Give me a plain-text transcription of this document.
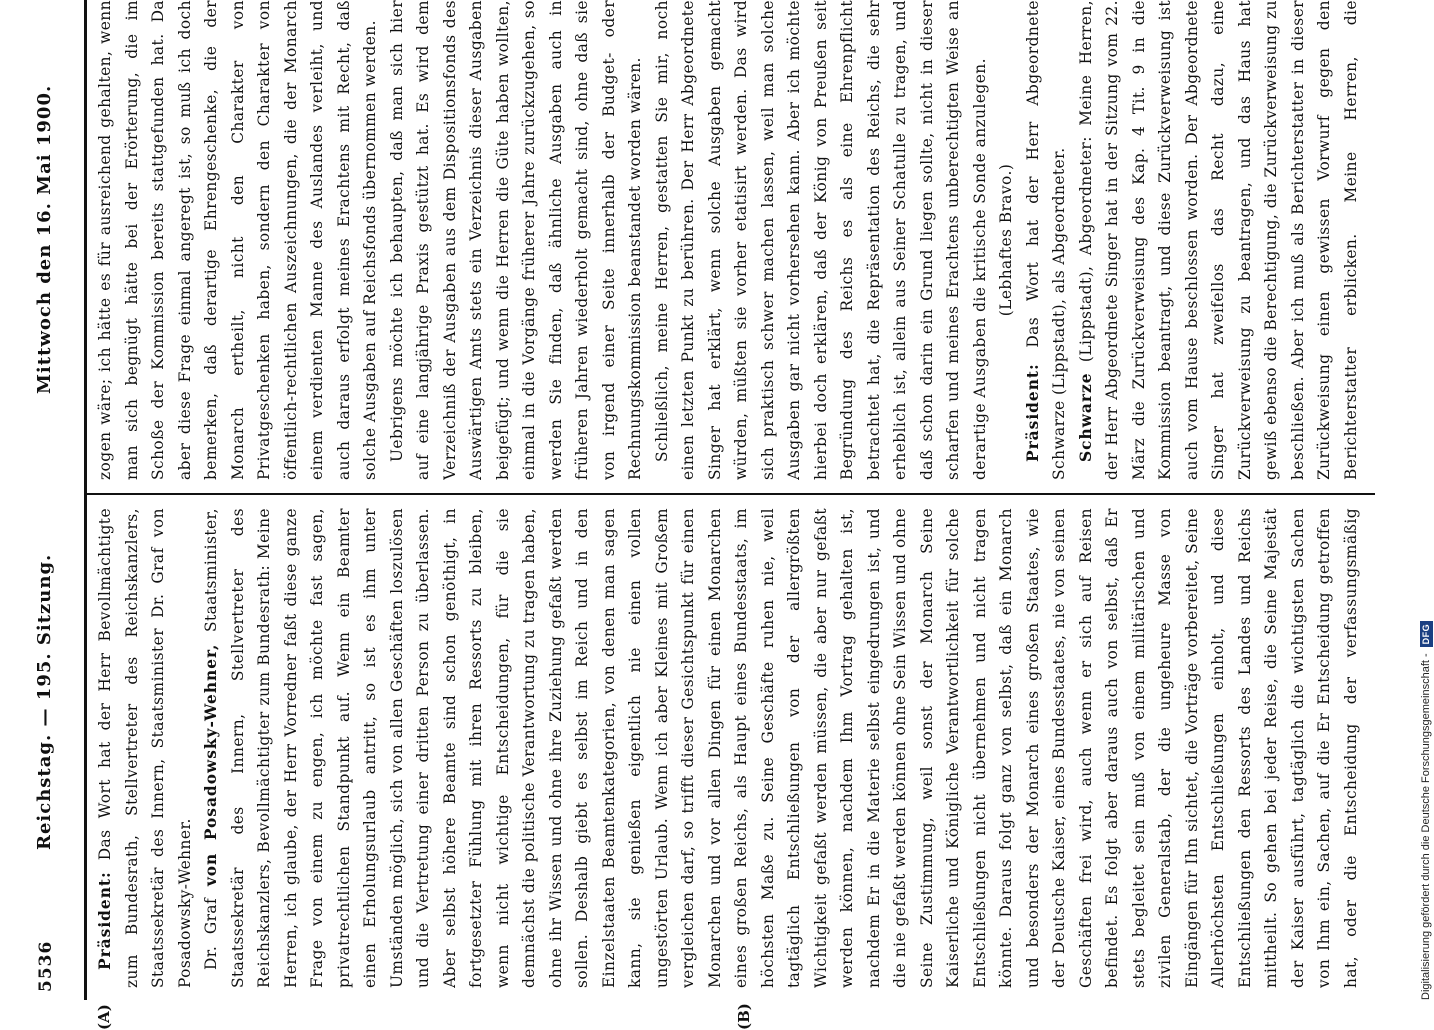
5536
Reichstag. — 195. Sitzung.
Mittwoch den 16. Mai 1900.
(A)	(B)

Präsident: Das Wort hat der Herr Bevollmächtigte zum Bundesrath, Stellvertreter des Reichskanzlers, Staatssekretär des Innern, Staatsminister Dr. Graf von Posadowsky-Wehner. Dr. Graf von Posadowsky-Wehner, Staatsminister, Staatssekretär des Innern, Stellvertreter des Reichskanzlers, Bevollmächtigter zum Bundesrath: Meine Herren, ich glaube, der Herr Vorredner faßt diese ganze Frage von einem zu engen, ich möchte fast sagen, privatrechtlichen Standpunkt auf. Wenn ein Beamter einen Erholungsurlaub antritt, so ist es ihm unter Umständen möglich, sich von allen Geschäften loszulösen und die Vertretung einer dritten Person zu überlassen. Aber selbst höhere Beamte sind schon genöthigt, in fortgesetzter Fühlung mit ihren Ressorts zu bleiben, wenn nicht wichtige Entscheidungen, für die sie demnächst die politische Verantwortung zu tragen haben, ohne ihr Wissen und ohne ihre Zuziehung gefaßt werden sollen. Deshalb giebt es selbst im Reich und in den Einzelstaaten Beamtenkategorien, von denen man sagen kann, sie genießen eigentlich nie einen vollen ungestörten Urlaub. Wenn ich aber Kleines mit Großem vergleichen darf, so trifft dieser Gesichtspunkt für einen Monarchen und vor allen Dingen für einen Monarchen eines großen Reichs, als Haupt eines Bundesstaats, im höchsten Maße zu. Seine Geschäfte ruhen nie, weil tagtäglich Entschließungen von der allergrößten Wichtigkeit gefaßt werden müssen, die aber nur gefaßt werden können, nachdem Ihm Vortrag gehalten ist, nachdem Er in die Materie selbst eingedrungen ist, und die nie gefaßt werden können ohne Sein Wissen und ohne Seine Zustimmung, weil sonst der Monarch Seine Kaiserliche und Königliche Verantwortlichkeit für solche Entschließungen nicht übernehmen und nicht tragen könnte. Daraus folgt ganz von selbst, daß ein Monarch und besonders der Monarch eines großen Staates, wie der Deutsche Kaiser, eines Bundesstaates, nie von seinen Geschäften frei wird, auch wenn er sich auf Reisen befindet. Es folgt aber daraus auch von selbst, daß Er stets begleitet sein muß von einem militärischen und zivilen Generalstab, der die ungeheure Masse von Eingängen für Ihn sichtet, die Vorträge vorbereitet, Seine Allerhöchsten Entschließungen einholt, und diese Entschließungen den Ressorts des Landes und Reichs mittheilt. So gehen bei jeder Reise, die Seine Majestät der Kaiser ausführt, tagtäglich die wichtigsten Sachen von Ihm ein, Sachen, auf die Er Entscheidung getroffen hat, oder die Entscheidung der verfassungsmäßig

zogen wäre; ich hätte es für ausreichend gehalten, wenn man sich begnügt hätte bei der Erörterung, die im Schoße der Kommission bereits stattgefunden hat. Da aber diese Frage einmal angeregt ist, so muß ich doch bemerken, daß derartige Ehrengeschenke, die der Monarch ertheilt, nicht den Charakter von Privatgeschenken haben, sondern den Charakter von öffentlich-rechtlichen Auszeichnungen, die der Monarch einem verdienten Manne des Auslandes verleiht, und auch daraus erfolgt meines Erachtens mit Recht, daß solche Ausgaben auf Reichsfonds übernommen werden. Uebrigens möchte ich behaupten, daß man sich hier auf eine langjährige Praxis gestützt hat. Es wird dem Verzeichniß der Ausgaben aus dem Dispositionsfonds des Auswärtigen Amts stets ein Verzeichnis dieser Ausgaben beigefügt; und wenn die Herren die Güte haben wollten, einmal in die Vorgänge früherer Jahre zurückzugehen, so werden Sie finden, daß ähnliche Ausgaben auch in früheren Jahren wiederholt gemacht sind, ohne daß sie von irgend einer Seite innerhalb der Budget- oder Rechnungskommission beanstandet worden wären. Schließlich, meine Herren, gestatten Sie mir, noch einen letzten Punkt zu berühren. Der Herr Abgeordnete Singer hat erklärt, wenn solche Ausgaben gemacht würden, müßten sie vorher etatisirt werden. Das wird sich praktisch schwer machen lassen, weil man solche Ausgaben gar nicht vorhersehen kann. Aber ich möchte hierbei doch erklären, daß der König von Preußen seit Begründung des Reichs es als eine Ehrenpflicht betrachtet hat, die Repräsentation des Reichs, die sehr erheblich ist, allein aus Seiner Schatulle zu tragen, und daß schon darin ein Grund liegen sollte, nicht in dieser scharfen und meines Erachtens unberechtigten Weise an derartige Ausgaben die kritische Sonde anzulegen. (Lebhaftes Bravo.)

Präsident: Das Wort hat der Herr Abgeordnete Schwarze (Lippstadt), als Abgeordneter. Schwarze (Lippstadt), Abgeordneter: Meine Herren, der Herr Abgeordnete Singer hat in der Sitzung vom 22. März die Zurückverweisung des Kap. 4 Tit. 9 in die Kommission beantragt, und diese Zurückverweisung ist auch vom Hause beschlossen worden. Der Abgeordnete Singer hat zweifellos das Recht dazu, eine Zurückverweisung zu beantragen, und das Haus hat gewiß ebenso die Berechtigung, die Zurückverweisung zu beschließen. Aber ich muß als Berichterstatter in dieser Zurückweisung einen gewissen Vorwurf gegen den Berichterstatter erblicken. Meine Herren, die

Digitalisierung gefördert durch die Deutsche Forschungsgemeinschaft -
DFG
